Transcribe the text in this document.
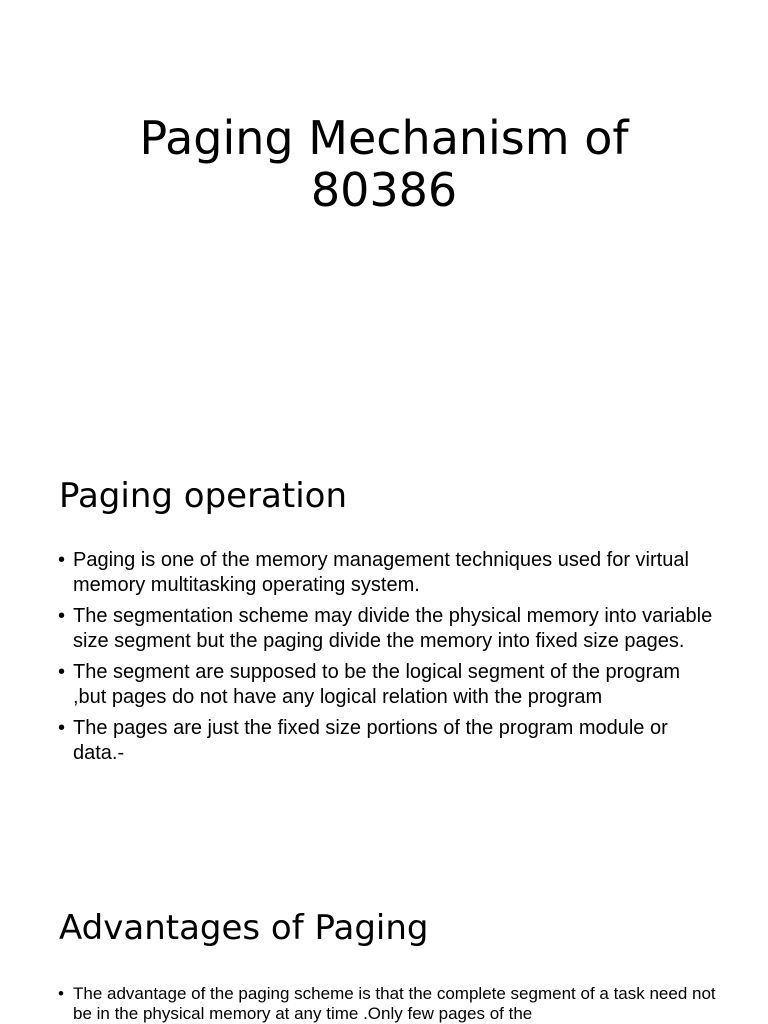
Paging Mechanism of
80386
Paging operation
• Paging is one of the memory management techniques used for virtual memory multitasking operating system.
• The segmentation scheme may divide the physical memory into variable size segment but the paging divide the memory into fixed size pages.
• The segment are supposed to be the logical segment of the program ,but pages do not have any logical relation with the program
• The pages are just the fixed size portions of the program module or data.-
Advantages of Paging
• The advantage of the paging scheme is that the complete segment of a task need not be in the physical memory at any time .Only few pages of the
